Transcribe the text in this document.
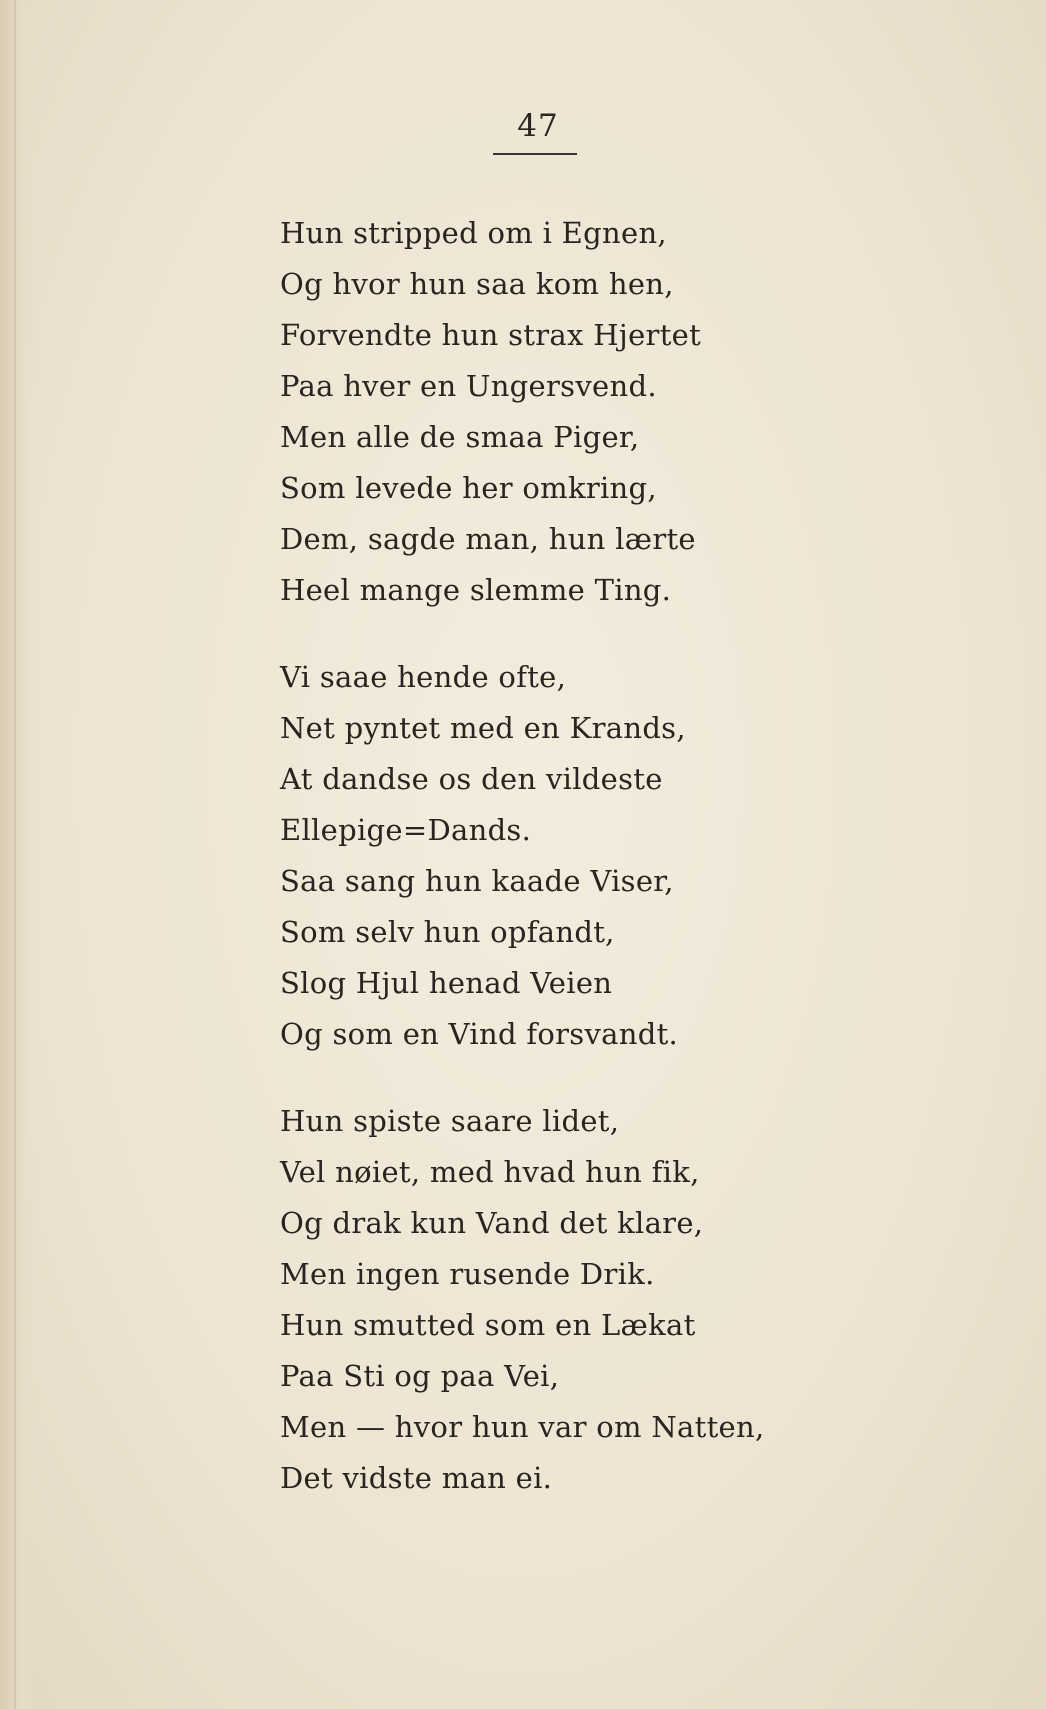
47
Hun stripped om i Egnen,
Og hvor hun saa kom hen,
Forvendte hun strax Hjertet
Paa hver en Ungersvend.
Men alle de smaa Piger,
Som levede her omkring,
Dem, sagde man, hun lærte
Heel mange slemme Ting.
Vi saae hende ofte,
Net pyntet med en Krands,
At dandse os den vildeste
Ellepige=Dands.
Saa sang hun kaade Viser,
Som selv hun opfandt,
Slog Hjul henad Veien
Og som en Vind forsvandt.
Hun spiste saare lidet,
Vel nøiet, med hvad hun fik,
Og drak kun Vand det klare,
Men ingen rusende Drik.
Hun smutted som en Lækat
Paa Sti og paa Vei,
Men — hvor hun var om Natten,
Det vidste man ei.
